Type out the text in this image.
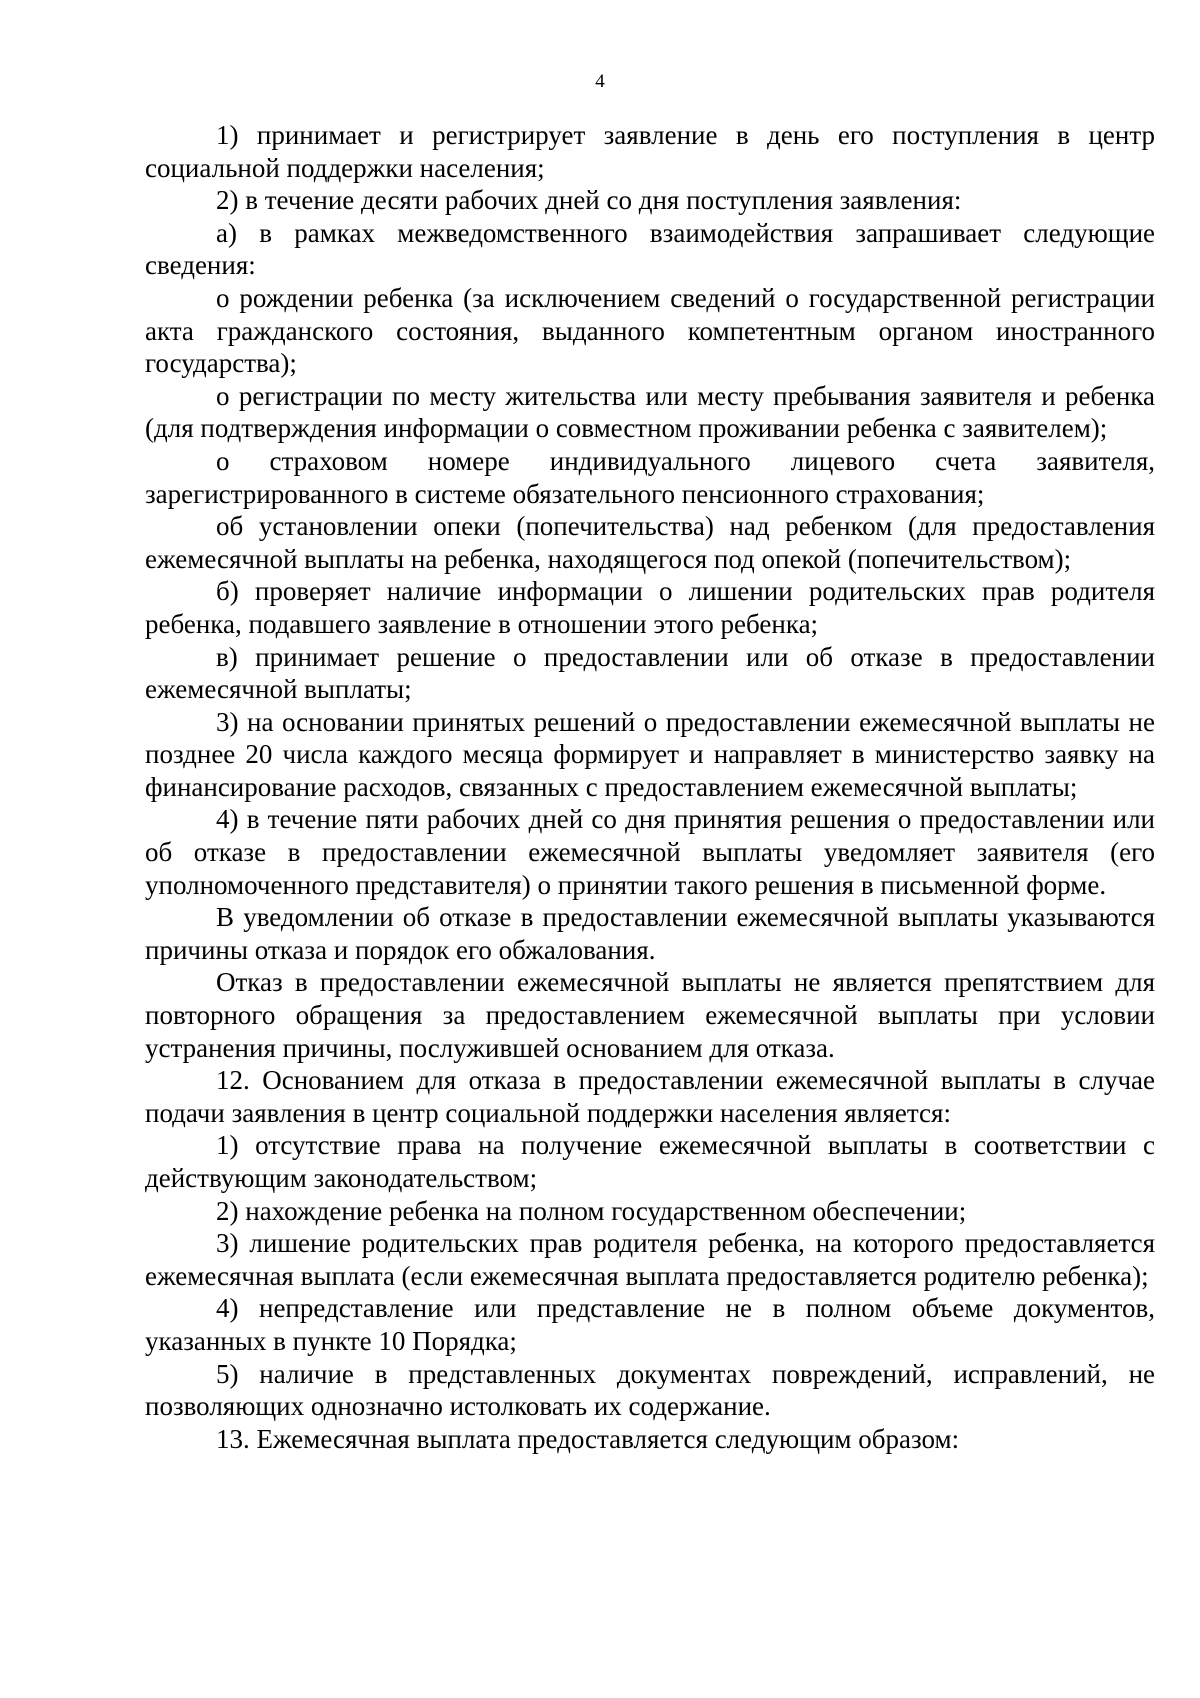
4

1) принимает и регистрирует заявление в день его поступления в центр социальной поддержки населения;

2) в течение десяти рабочих дней со дня поступления заявления:

а) в рамках межведомственного взаимодействия запрашивает следующие сведения:

о рождении ребенка (за исключением сведений о государственной регистрации акта гражданского состояния, выданного компетентным органом иностранного государства);

о регистрации по месту жительства или месту пребывания заявителя и ребенка (для подтверждения информации о совместном проживании ребенка с заявителем);

о страховом номере индивидуального лицевого счета заявителя, зарегистрированного в системе обязательного пенсионного страхования;

об установлении опеки (попечительства) над ребенком (для предоставления ежемесячной выплаты на ребенка, находящегося под опекой (попечительством);

б) проверяет наличие информации о лишении родительских прав родителя ребенка, подавшего заявление в отношении этого ребенка;

в) принимает решение о предоставлении или об отказе в предоставлении ежемесячной выплаты;

3) на основании принятых решений о предоставлении ежемесячной выплаты не позднее 20 числа каждого месяца формирует и направляет в министерство заявку на финансирование расходов, связанных с предоставлением ежемесячной выплаты;

4) в течение пяти рабочих дней со дня принятия решения о предоставлении или об отказе в предоставлении ежемесячной выплаты уведомляет заявителя (его уполномоченного представителя) о принятии такого решения в письменной форме.

В уведомлении об отказе в предоставлении ежемесячной выплаты указываются причины отказа и порядок его обжалования.

Отказ в предоставлении ежемесячной выплаты не является препятствием для повторного обращения за предоставлением ежемесячной выплаты при условии устранения причины, послужившей основанием для отказа.

12. Основанием для отказа в предоставлении ежемесячной выплаты в случае подачи заявления в центр социальной поддержки населения является:

1) отсутствие права на получение ежемесячной выплаты в соответствии с действующим законодательством;

2) нахождение ребенка на полном государственном обеспечении;

3) лишение родительских прав родителя ребенка, на которого предоставляется ежемесячная выплата (если ежемесячная выплата предоставляется родителю ребенка);

4) непредставление или представление не в полном объеме документов, указанных в пункте 10 Порядка;

5) наличие в представленных документах повреждений, исправлений, не позволяющих однозначно истолковать их содержание.

13. Ежемесячная выплата предоставляется следующим образом:
